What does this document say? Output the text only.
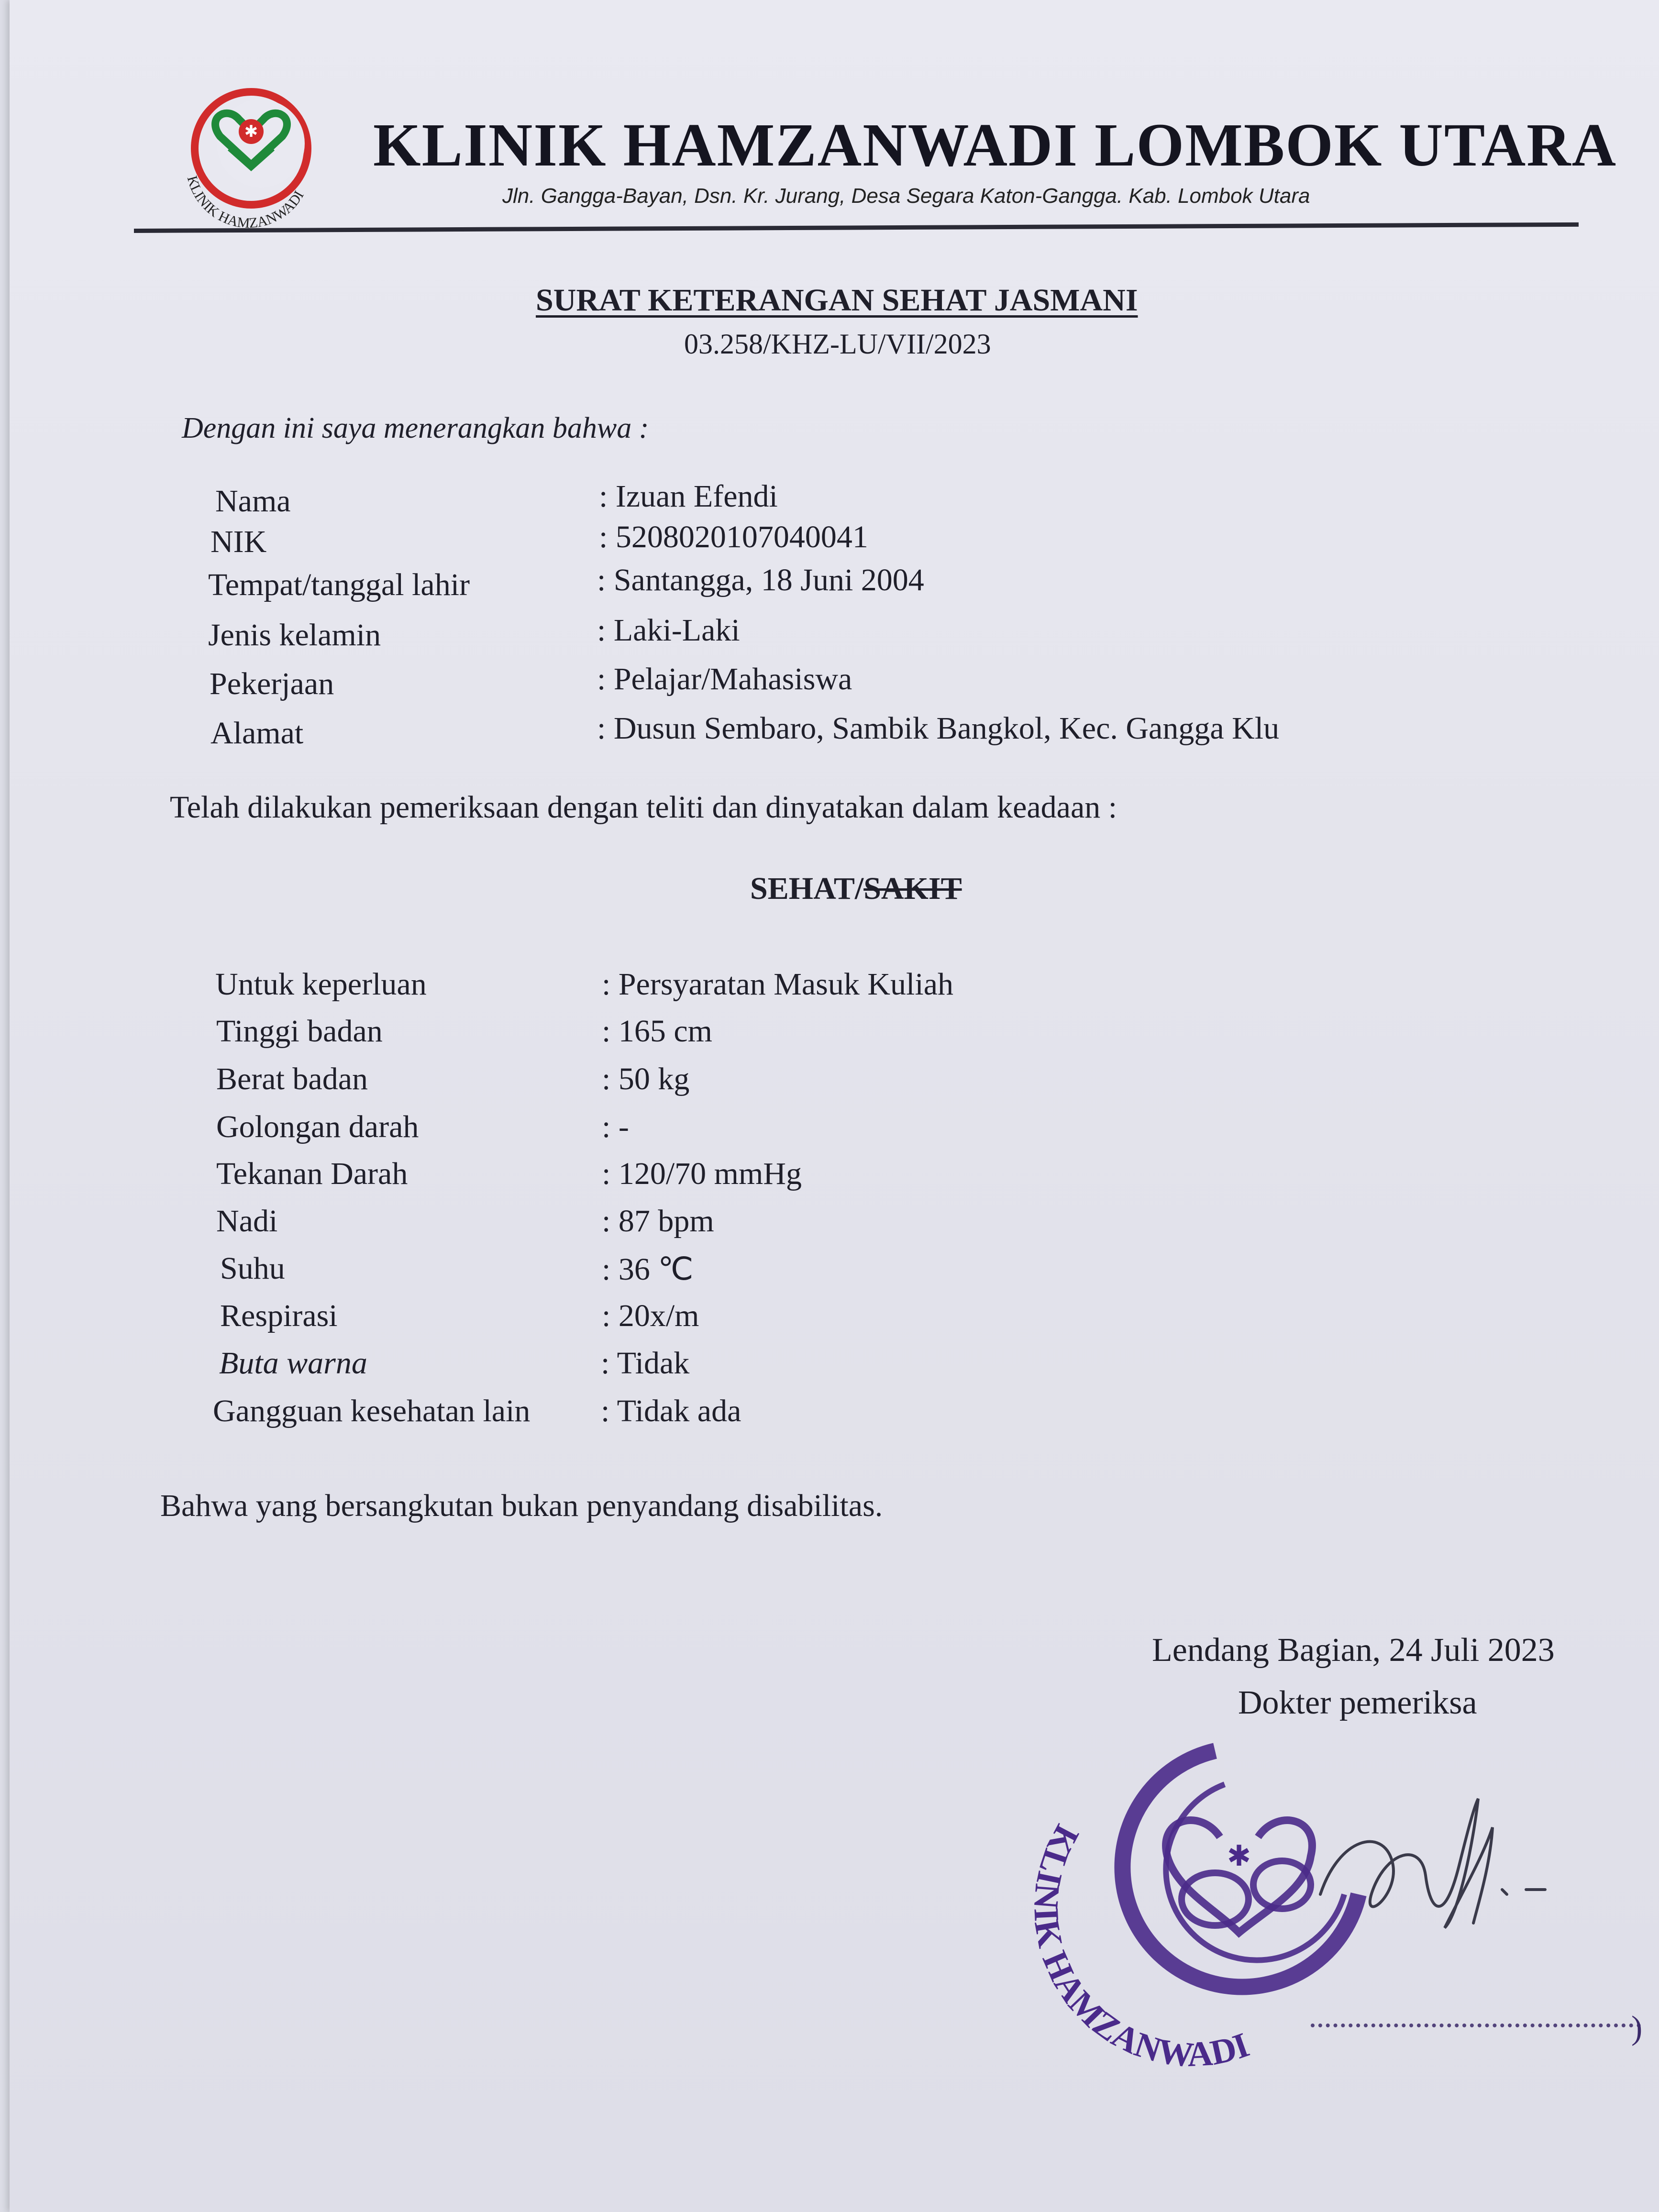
✱
KLINIK HAMZANWADI
KLINIK HAMZANWADI LOMBOK UTARA
Jln. Gangga-Bayan, Dsn. Kr. Jurang, Desa Segara Katon-Gangga. Kab. Lombok Utara
SURAT KETERANGAN SEHAT JASMANI
03.258/KHZ-LU/VII/2023
Dengan ini saya menerangkan bahwa :
Nama	: Izuan Efendi
NIK	: 5208020107040041
Tempat/tanggal lahir	: Santangga, 18 Juni 2004
Jenis kelamin	: Laki-Laki
Pekerjaan	: Pelajar/Mahasiswa
Alamat	: Dusun Sembaro, Sambik Bangkol, Kec. Gangga Klu
Telah dilakukan pemeriksaan dengan teliti dan dinyatakan dalam keadaan :
SEHAT/SAKIT
Untuk keperluan	: Persyaratan Masuk Kuliah
Tinggi badan	: 165 cm
Berat badan	: 50 kg
Golongan darah	: -
Tekanan Darah	: 120/70 mmHg
Nadi	: 87 bpm
Suhu	: 36 ℃
Respirasi	: 20x/m
Buta warna	: Tidak
Gangguan kesehatan lain : Tidak ada
Bahwa yang bersangkutan bukan penyandang disabilitas.
Lendang Bagian, 24 Juli 2023
Dokter pemeriksa
✱
KLINIK HAMZANWADI	)
